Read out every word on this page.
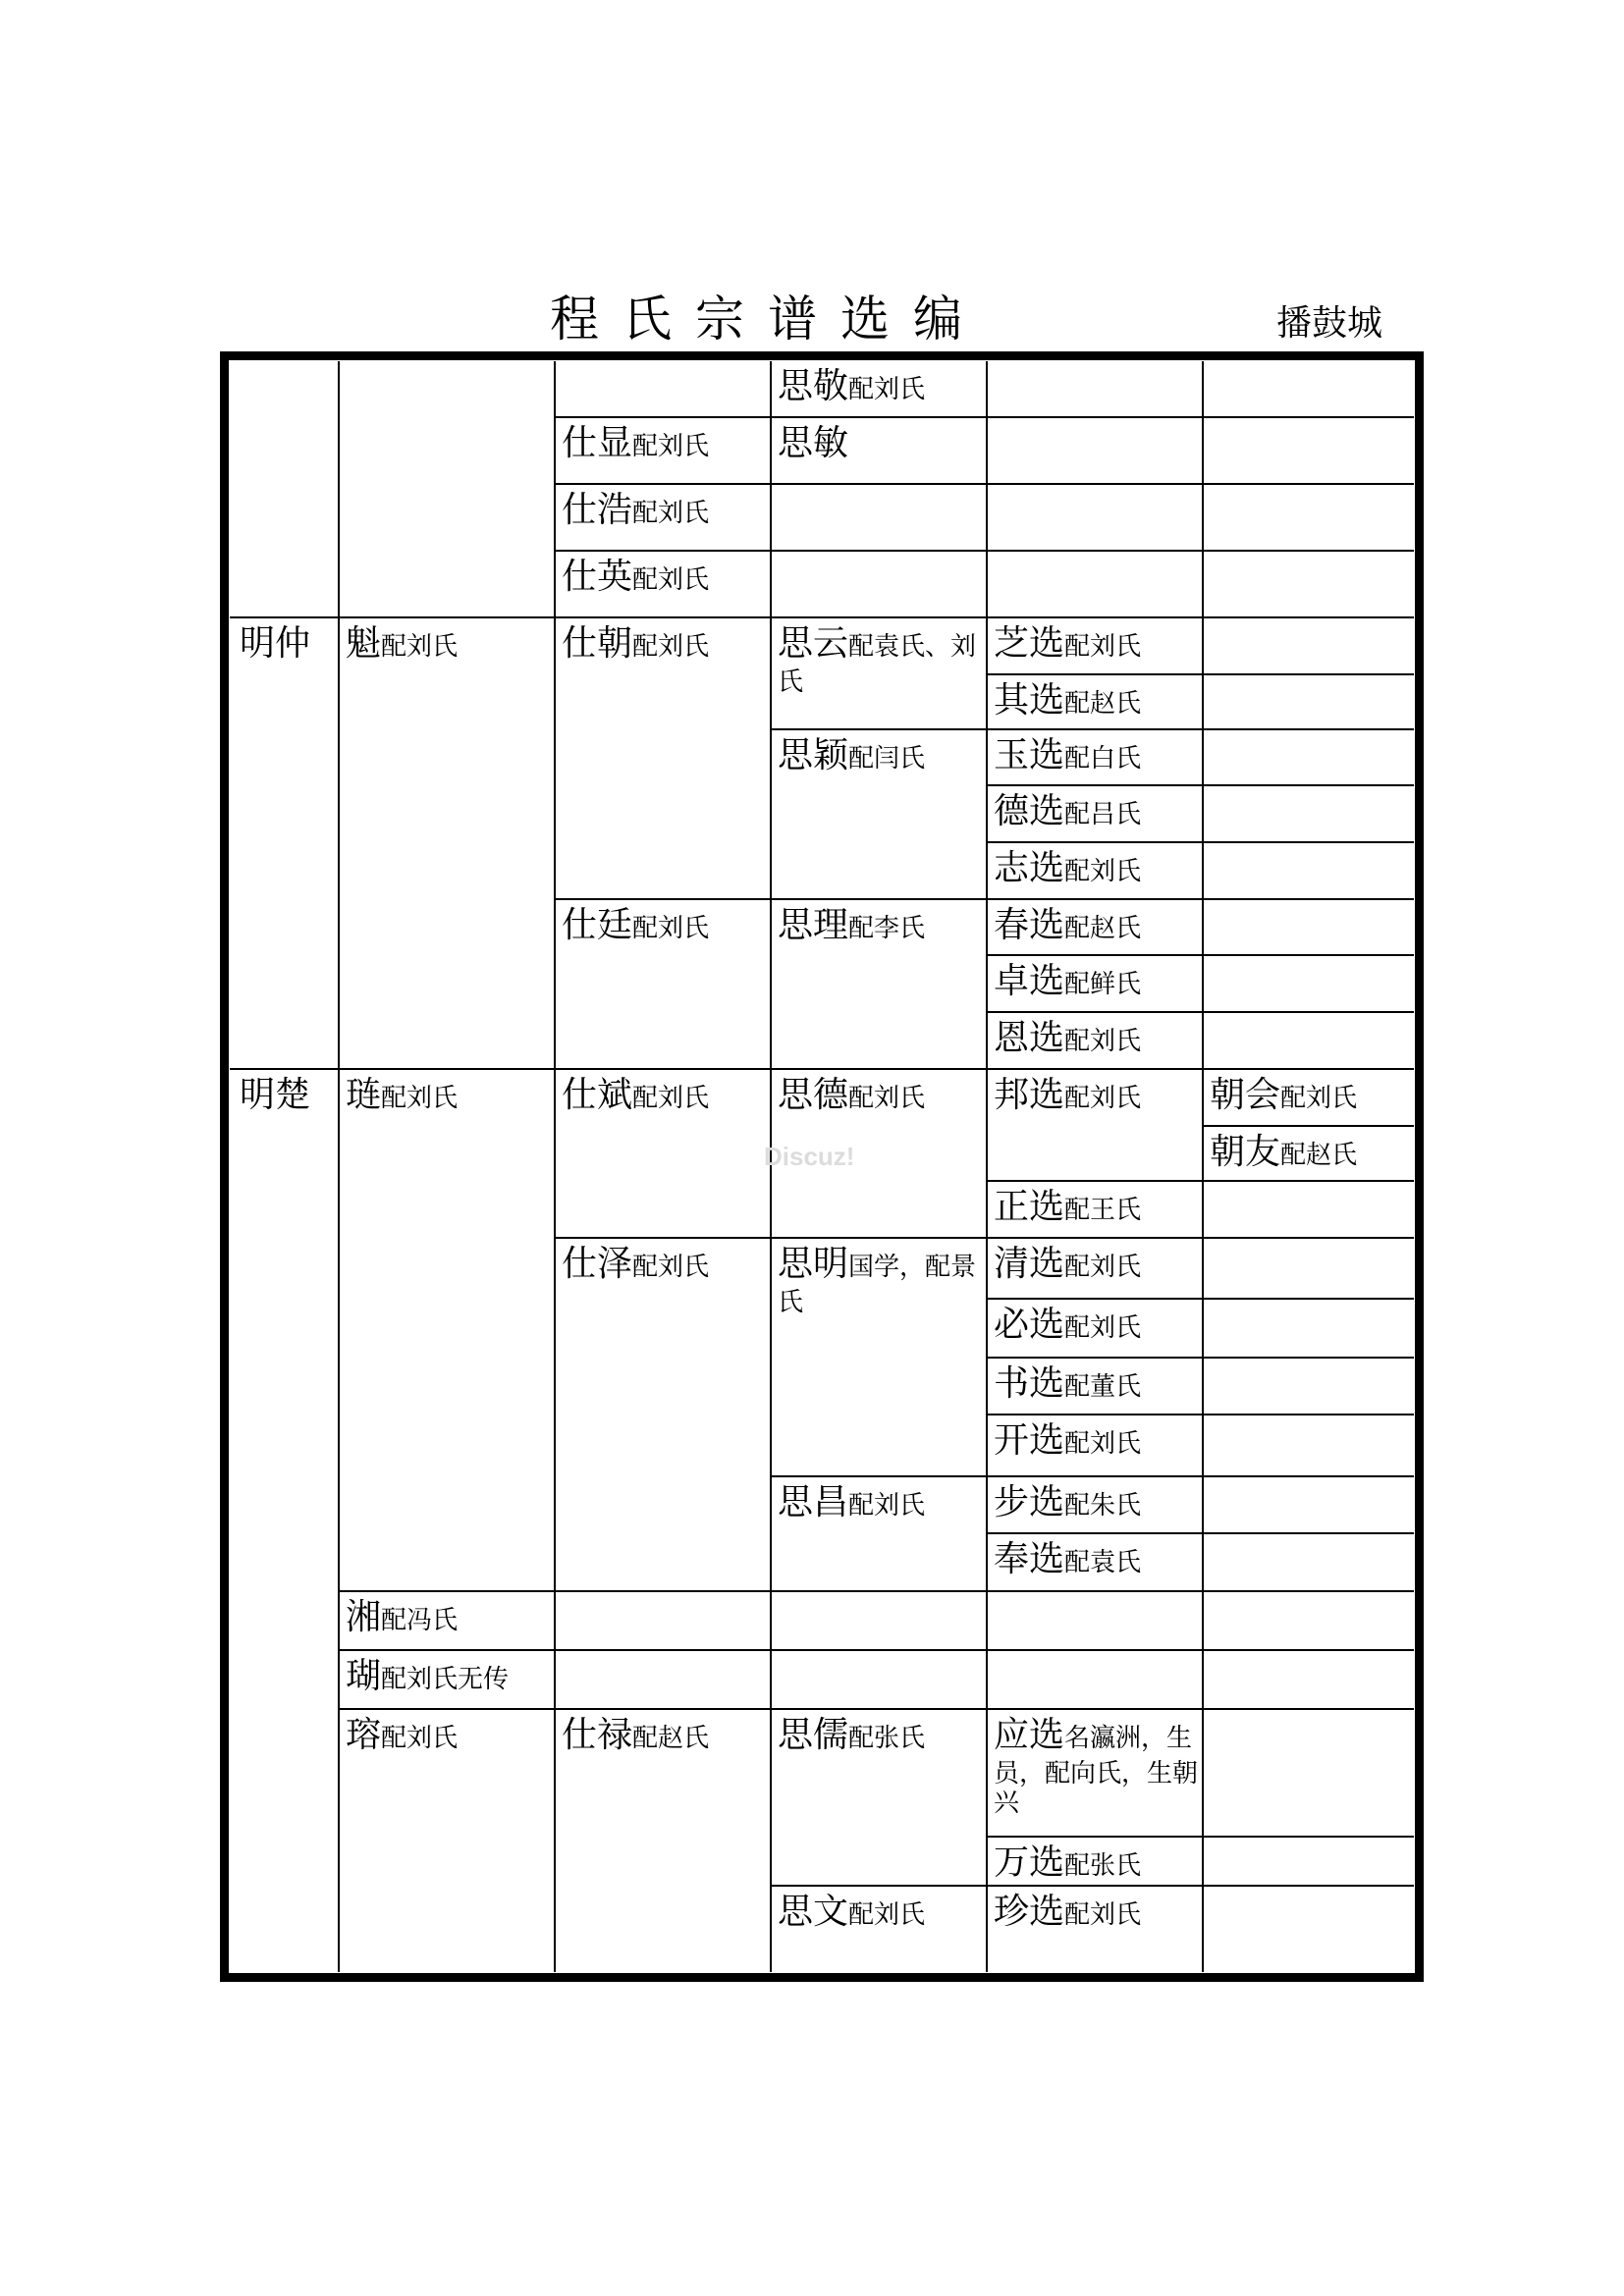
程氏宗谱选编	播鼓城
明仲
明楚
魁配刘氏
琏配刘氏
湘配冯氏
瑚配刘氏无传
瑢配刘氏
仕显配刘氏
仕浩配刘氏
仕英配刘氏
仕朝配刘氏
仕廷配刘氏
仕斌配刘氏
仕泽配刘氏
仕禄配赵氏
思敬配刘氏
思敏
思云配袁氏、刘氏
思颖配闫氏
思理配李氏
思德配刘氏
思明国学，配景氏
思昌配刘氏
思儒配张氏
思文配刘氏
芝选配刘氏
其选配赵氏
玉选配白氏
德选配吕氏
志选配刘氏
春选配赵氏
卓选配鲜氏
恩选配刘氏
邦选配刘氏
正选配王氏
清选配刘氏
必选配刘氏
书选配董氏
开选配刘氏
步选配朱氏
奉选配袁氏
应选名瀛洲，生员，配向氏，生朝兴
万选配张氏
珍选配刘氏
朝会配刘氏
朝友配赵氏
Discuz!
